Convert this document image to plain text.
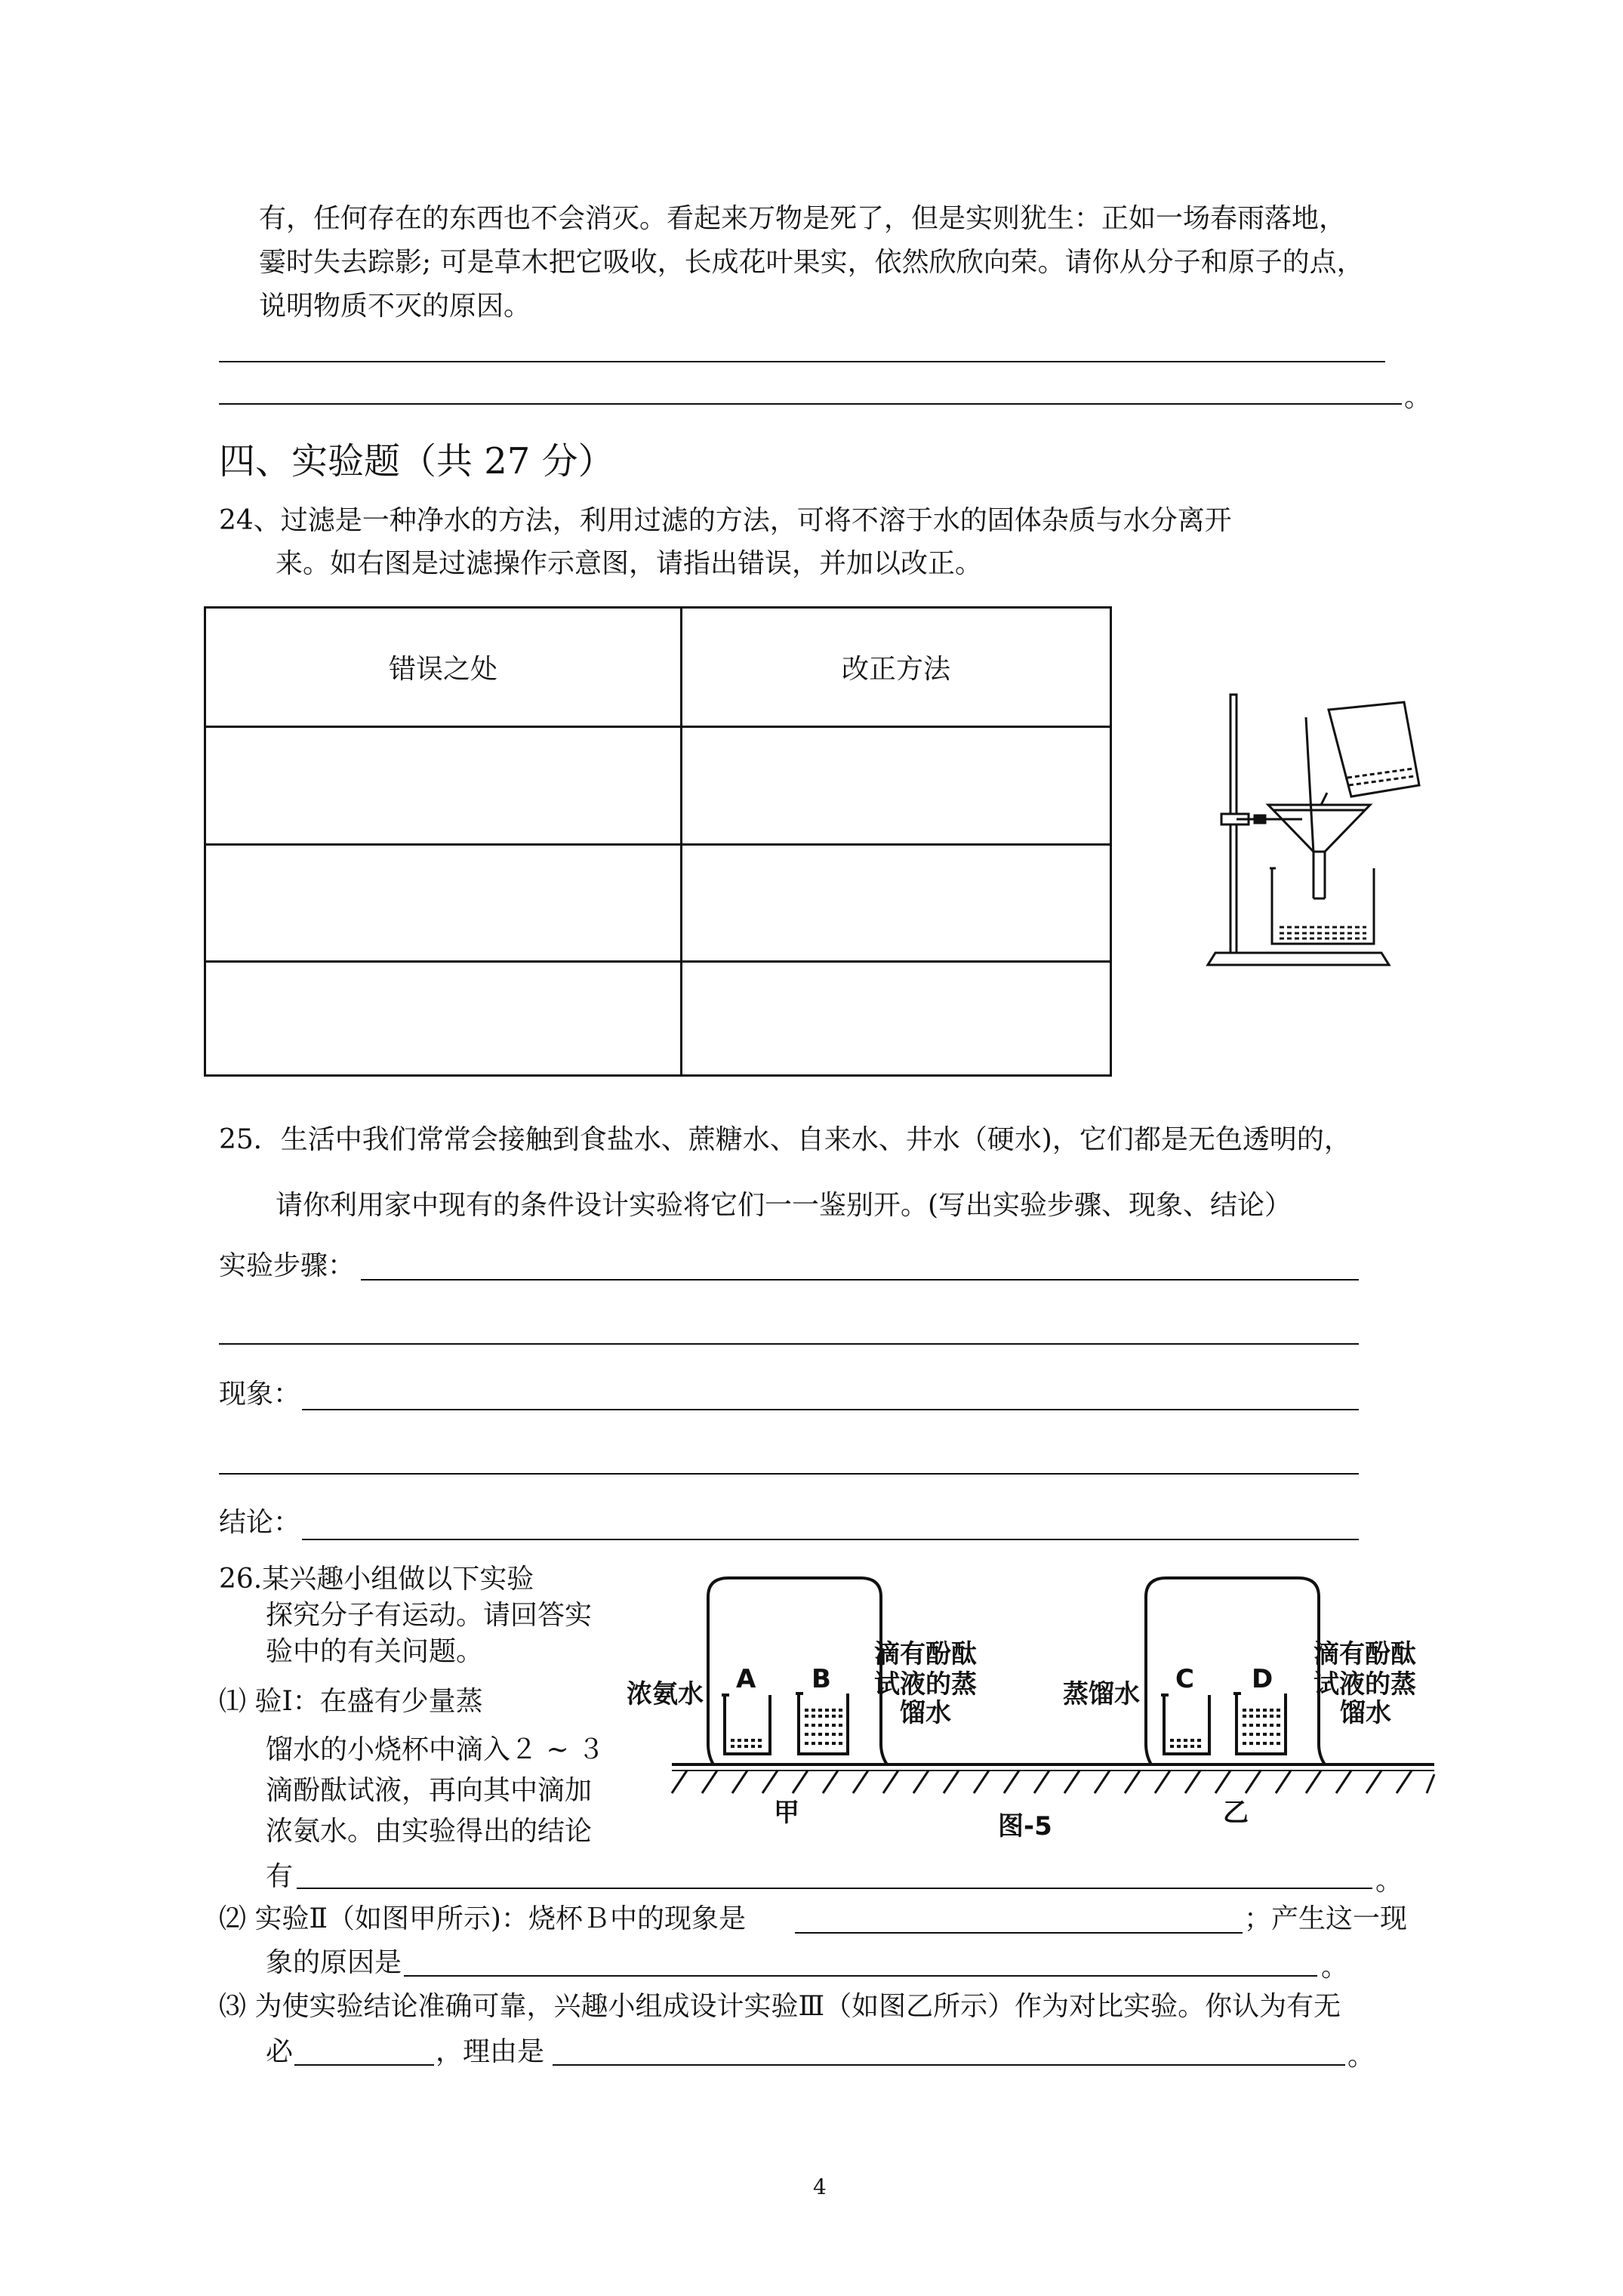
有，任何存在的东西也不会消灭。看起来万物是死了，但是实则犹生：正如一场春雨落地，
霎时失去踪影; 可是草木把它吸收，长成花叶果实，依然欣欣向荣。请你从分子和原子的点，
说明物质不灭的原因。
。
四、实验题（共 27 分）
24、过滤是一种净水的方法，利用过滤的方法，可将不溶于水的固体杂质与水分离开
来。如右图是过滤操作示意图，请指出错误，并加以改正。
错误之处	改正方法
25．生活中我们常常会接触到食盐水、蔗糖水、自来水、井水（硬水)，它们都是无色透明的，
请你利用家中现有的条件设计实验将它们一一鉴别开。(写出实验步骤、现象、结论）
实验步骤：
现象：
结论：
26.某兴趣小组做以下实验
探究分子有运动。请回答实
验中的有关问题。
⑴ 验Ⅰ：在盛有少量蒸
馏水的小烧杯中滴入２ ~ ３
滴酚酞试液，再向其中滴加
浓氨水。由实验得出的结论
有	。
浓氨水 A B
滴有酚酞
试液的蒸
馏水
蒸馏水 C D
滴有酚酞
试液的蒸
馏水
甲	图-5	乙
⑵ 实验Ⅱ（如图甲所示)：烧杯Ｂ中的现象是	；产生这一现
象的原因是	。
⑶ 为使实验结论准确可靠，兴趣小组成设计实验Ⅲ（如图乙所示）作为对比实验。你认为有无
必	，理由是	。
4
